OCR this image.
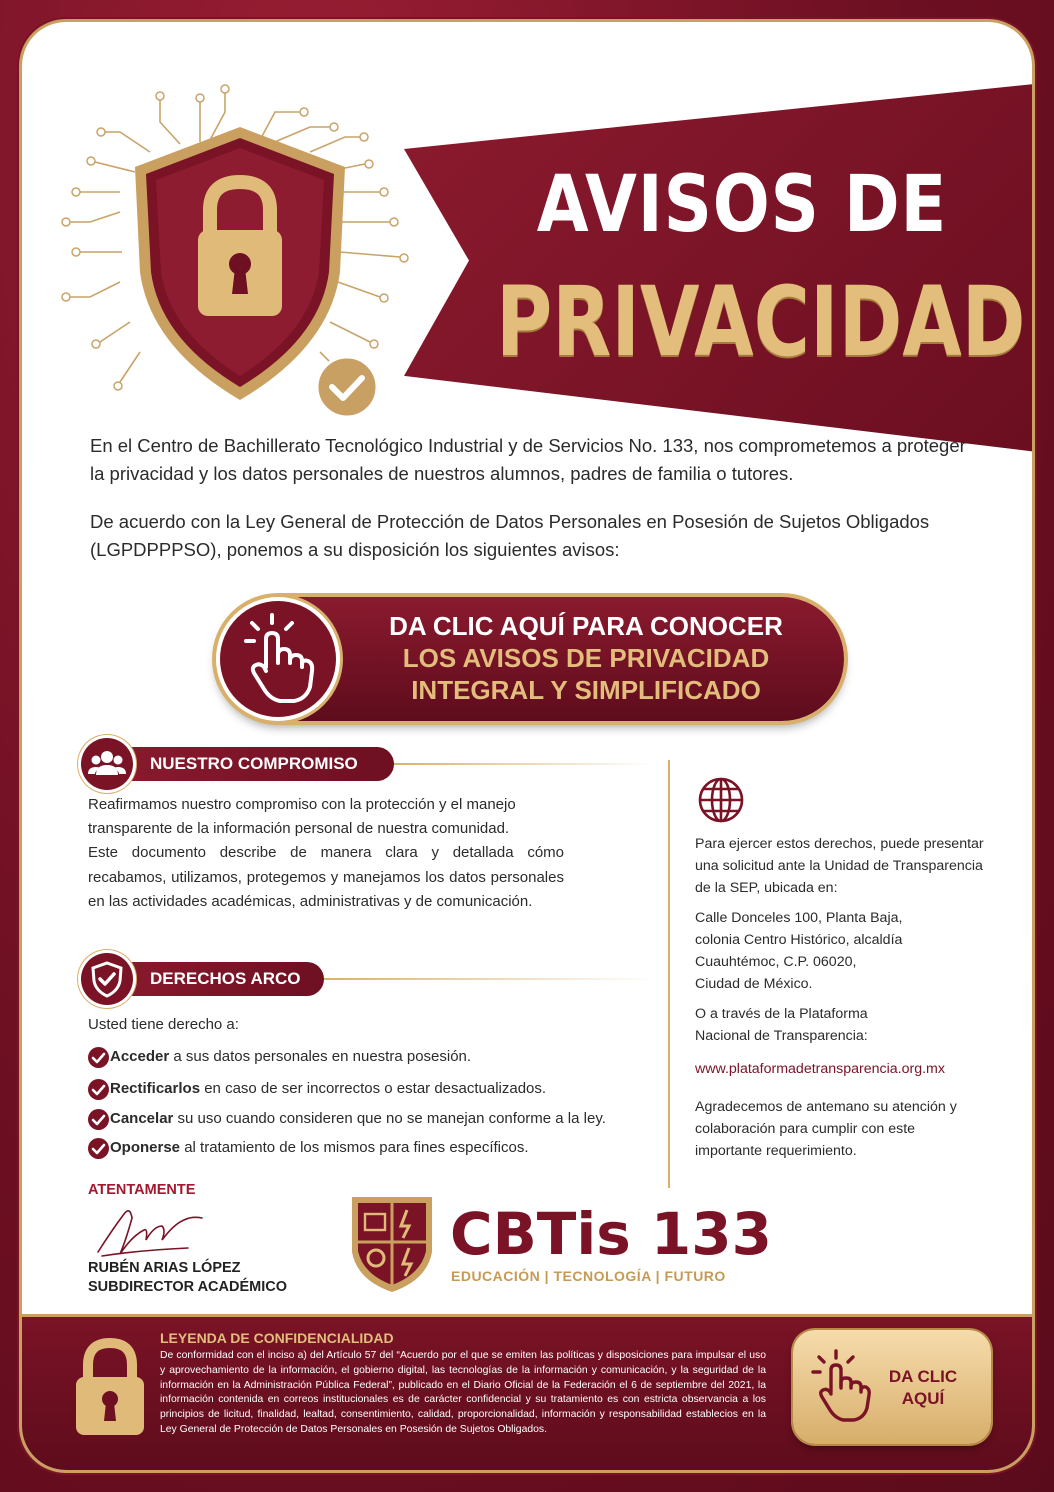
AVISOS DE
PRIVACIDAD
En el Centro de Bachillerato Tecnológico Industrial y de Servicios No. 133, nos comprometemos a proteger la privacidad y los datos personales de nuestros alumnos, padres de familia o tutores.
De acuerdo con la Ley General de Protección de Datos Personales en Posesión de Sujetos Obligados (LGPDPPPSO), ponemos a su disposición los siguientes avisos:
DA CLIC AQUÍ PARA CONOCER
LOS AVISOS DE PRIVACIDAD
INTEGRAL Y SIMPLIFICADO
NUESTRO COMPROMISO
Reafirmamos nuestro compromiso con la protección y el manejo
transparente de la información personal de nuestra comunidad.
Este documento describe de manera clara y detallada cómo recabamos, utilizamos, protegemos y manejamos los datos personales en las actividades académicas, administrativas y de comunicación.
DERECHOS ARCO
Usted tiene derecho a:
Acceder a sus datos personales en nuestra posesión.
Rectificarlos en caso de ser incorrectos o estar desactualizados.
Cancelar su uso cuando consideren que no se manejan conforme a la ley.
Oponerse al tratamiento de los mismos para fines específicos.
Para ejercer estos derechos, puede presentar una solicitud ante la Unidad de Transparencia de la SEP, ubicada en:
Calle Donceles 100, Planta Baja,
colonia Centro Histórico, alcaldía
Cuauhtémoc, C.P. 06020,
Ciudad de México.
O a través de la Plataforma
Nacional de Transparencia:
www.plataformadetransparencia.org.mx
Agradecemos de antemano su atención y colaboración para cumplir con este importante requerimiento.
ATENTAMENTE
RUBÉN ARIAS LÓPEZ
SUBDIRECTOR ACADÉMICO
CBTis 133
EDUCACIÓN | TECNOLOGÍA | FUTURO
LEYENDA DE CONFIDENCIALIDAD
De conformidad con el inciso a) del Artículo 57 del “Acuerdo por el que se emiten las políticas y disposiciones para impulsar el uso y aprovechamiento de la información, el gobierno digital, las tecnologías de la información y comunicación, y la seguridad de la información en la Administración Pública Federal”, publicado en el Diario Oficial de la Federación el 6 de septiembre del 2021, la información contenida en correos institucionales es de carácter confidencial y su tratamiento es con estricta observancia a los principios de licitud, finalidad, lealtad, consentimiento, calidad, proporcionalidad, información y responsabilidad establecios en la Ley General de Protección de Datos Personales en Posesión de Sujetos Obligados.
DA CLIC AQUÍ
